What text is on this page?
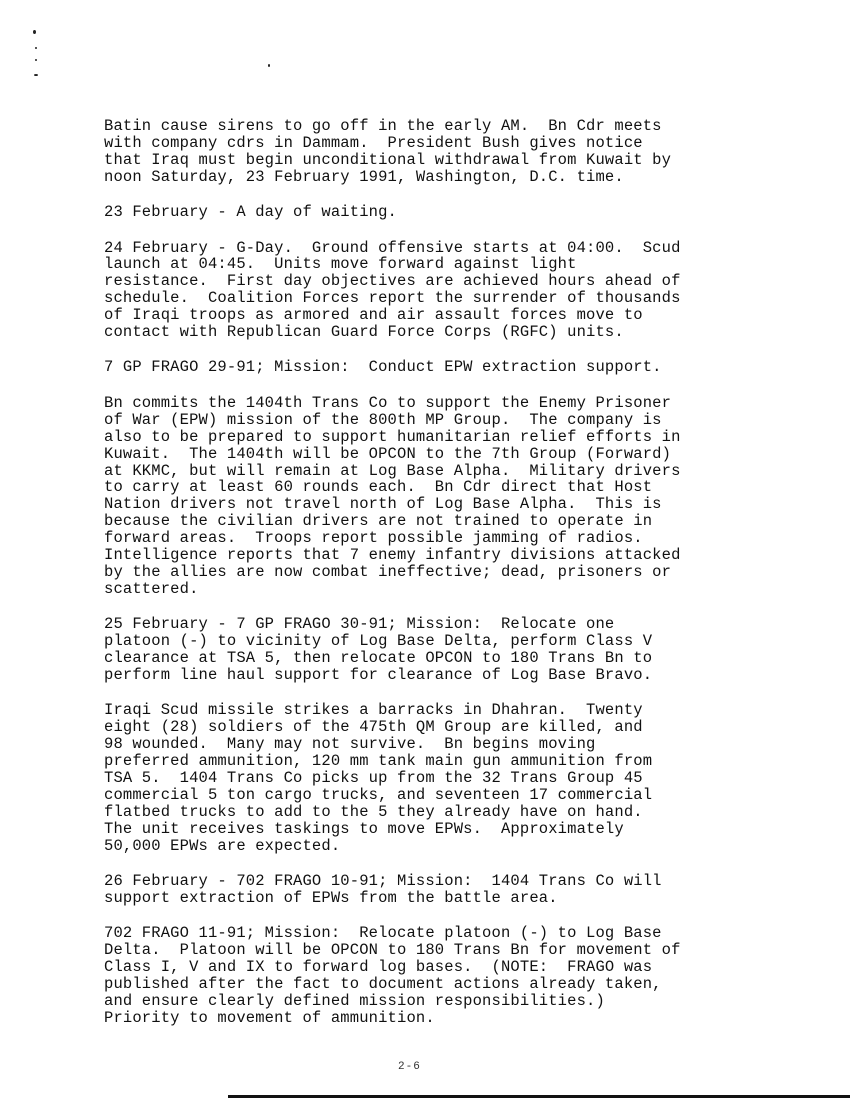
Batin cause sirens to go off in the early AM.  Bn Cdr meets
with company cdrs in Dammam.  President Bush gives notice
that Iraq must begin unconditional withdrawal from Kuwait by
noon Saturday, 23 February 1991, Washington, D.C. time.

23 February - A day of waiting.

24 February - G-Day.  Ground offensive starts at 04:00.  Scud
launch at 04:45.  Units move forward against light
resistance.  First day objectives are achieved hours ahead of
schedule.  Coalition Forces report the surrender of thousands
of Iraqi troops as armored and air assault forces move to
contact with Republican Guard Force Corps (RGFC) units.

7 GP FRAGO 29-91; Mission:  Conduct EPW extraction support.

Bn commits the 1404th Trans Co to support the Enemy Prisoner
of War (EPW) mission of the 800th MP Group.  The company is
also to be prepared to support humanitarian relief efforts in
Kuwait.  The 1404th will be OPCON to the 7th Group (Forward)
at KKMC, but will remain at Log Base Alpha.  Military drivers
to carry at least 60 rounds each.  Bn Cdr direct that Host
Nation drivers not travel north of Log Base Alpha.  This is
because the civilian drivers are not trained to operate in
forward areas.  Troops report possible jamming of radios.
Intelligence reports that 7 enemy infantry divisions attacked
by the allies are now combat ineffective; dead, prisoners or
scattered.

25 February - 7 GP FRAGO 30-91; Mission:  Relocate one
platoon (-) to vicinity of Log Base Delta, perform Class V
clearance at TSA 5, then relocate OPCON to 180 Trans Bn to
perform line haul support for clearance of Log Base Bravo.

Iraqi Scud missile strikes a barracks in Dhahran.  Twenty
eight (28) soldiers of the 475th QM Group are killed, and
98 wounded.  Many may not survive.  Bn begins moving
preferred ammunition, 120 mm tank main gun ammunition from
TSA 5.  1404 Trans Co picks up from the 32 Trans Group 45
commercial 5 ton cargo trucks, and seventeen 17 commercial
flatbed trucks to add to the 5 they already have on hand.
The unit receives taskings to move EPWs.  Approximately
50,000 EPWs are expected.

26 February - 702 FRAGO 10-91; Mission:  1404 Trans Co will
support extraction of EPWs from the battle area.

702 FRAGO 11-91; Mission:  Relocate platoon (-) to Log Base
Delta.  Platoon will be OPCON to 180 Trans Bn for movement of
Class I, V and IX to forward log bases.  (NOTE:  FRAGO was
published after the fact to document actions already taken,
and ensure clearly defined mission responsibilities.)
Priority to movement of ammunition.

2-6
